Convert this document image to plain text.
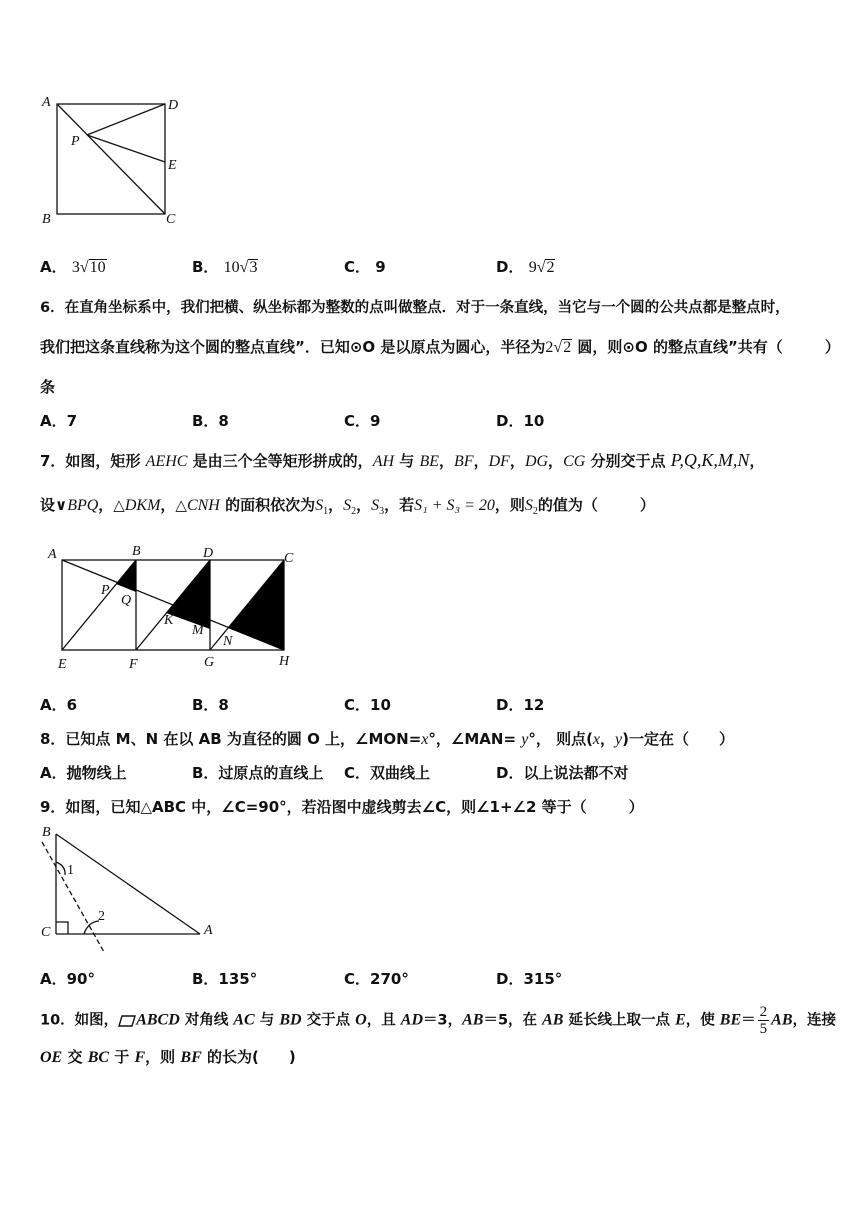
A	D
P
E
B	C
A． 3√10	B． 10√3	C． 9	D． 9√2
6．在直角坐标系中，我们把横、纵坐标都为整数的点叫做整点．对于一条直线，当它与一个圆的公共点都是整点时，
我们把这条直线称为这个圆的整点直线”．已知⊙O 是以原点为圆心，半径为2√2 圆，则⊙O 的整点直线”共有（	）
条
A．7	B．8	C．9	D．10
7．如图，矩形 AEHC 是由三个全等矩形拼成的，AH 与 BE，BF，DF，DG，CG 分别交于点 P,Q,K,M,N，
设∨BPQ，△DKM，△CNH 的面积依次为$S_1$，$S_2$，$S_3$，若S₁ + S₃ = 20，则$S_2$的值为（	）
A	B	D	C
P
Q
K
M
N
E	F	G	H
A．6	B．8	C．10	D．12
8．已知点 M、N 在以 AB 为直径的圆 O 上，∠MON=x°，∠MAN= y°， 则点(x，y)一定在（ ）
A．抛物线上	B．过原点的直线上 C．双曲线上	D．以上说法都不对
9．如图，已知△ABC 中，∠C=90°，若沿图中虚线剪去∠C，则∠1+∠2 等于（	）
B
C	A
1
2
A．90°	B．135°	C．270°	D．315°
10．如图， ABCD 对角线 AC 与 BD 交于点 O，且 AD＝3，AB＝5，在 AB 延长线上取一点 E，使 $BE= \frac{2}{5}$ AB，连接
OE 交 BC 于 F，则 BF 的长为( )
